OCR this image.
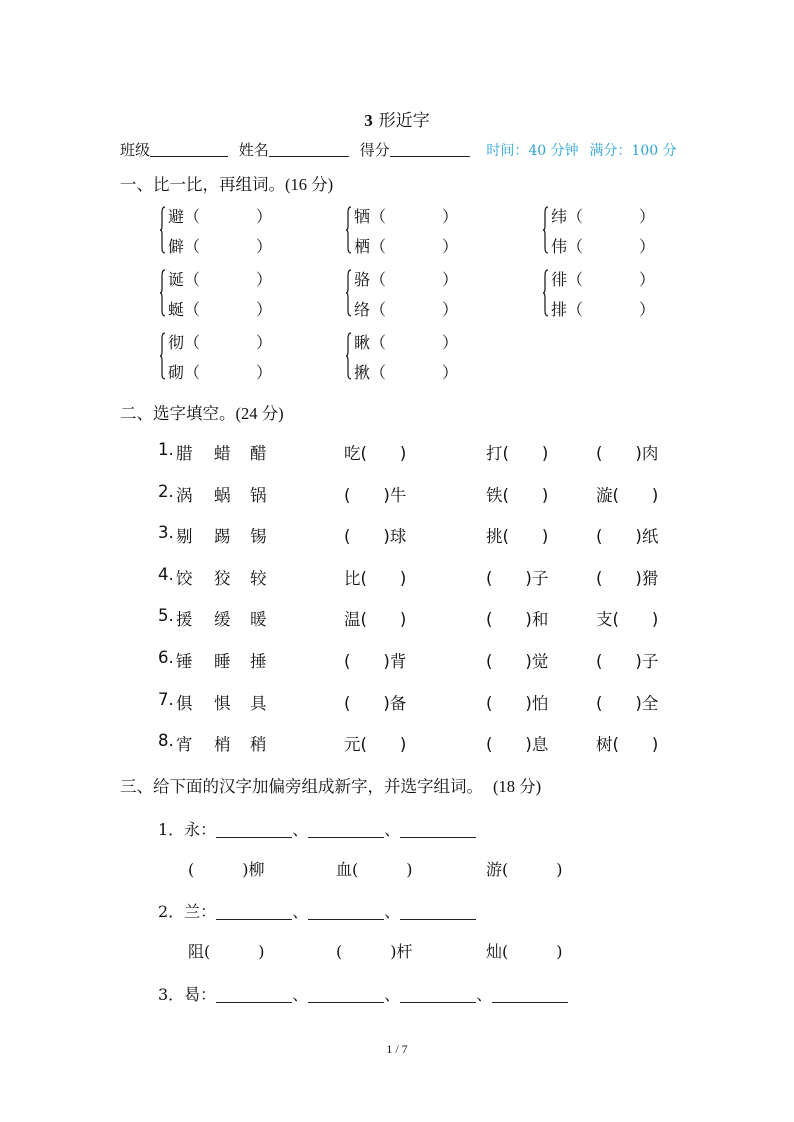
3 形近字
班级	姓名	得分	时间：40 分钟 满分：100 分
一、比一比，再组词。(16 分)
避 （	）
僻 （	）
牺 （	）
栖 （	）
纬 （	）
伟 （	）
诞 （	）
蜒 （	）
骆 （	）
络 （	）
徘 （	）
排 （	）
彻 （	）
砌 （	）
瞅 （	）
揪 （	）
二、选字填空。(24 分)
1. 腊 蜡 醋	吃(　　)	打(　　)	(　　)肉
2. 涡 蜗 锅	(　　)牛	铁(　　)	漩(　　)
3. 剔 踢 锡	(　　)球	挑(　　)	(　　)纸
4. 饺 狡 较	比(　　)	(　　)子	(　　)猾
5. 援 缓 暖	温(　　)	(　　)和	支(　　)
6. 锤 睡 捶	(　　)背	(　　)觉	(　　)子
7. 俱 惧 具	(　　)备	(　　)怕	(　　)全
8. 宵 梢 稍	元(　　)	(　　)息	树(　　)
三、给下面的汉字加偏旁组成新字，并选字组词。 (18 分)
1．永：	、	、
(　　　)柳	血(　　　)	游(　　　)
2．兰：	、	、
阻(　　　)	(　　　)杆	灿(　　　)
3．曷：	、	、	、
1 / 7
